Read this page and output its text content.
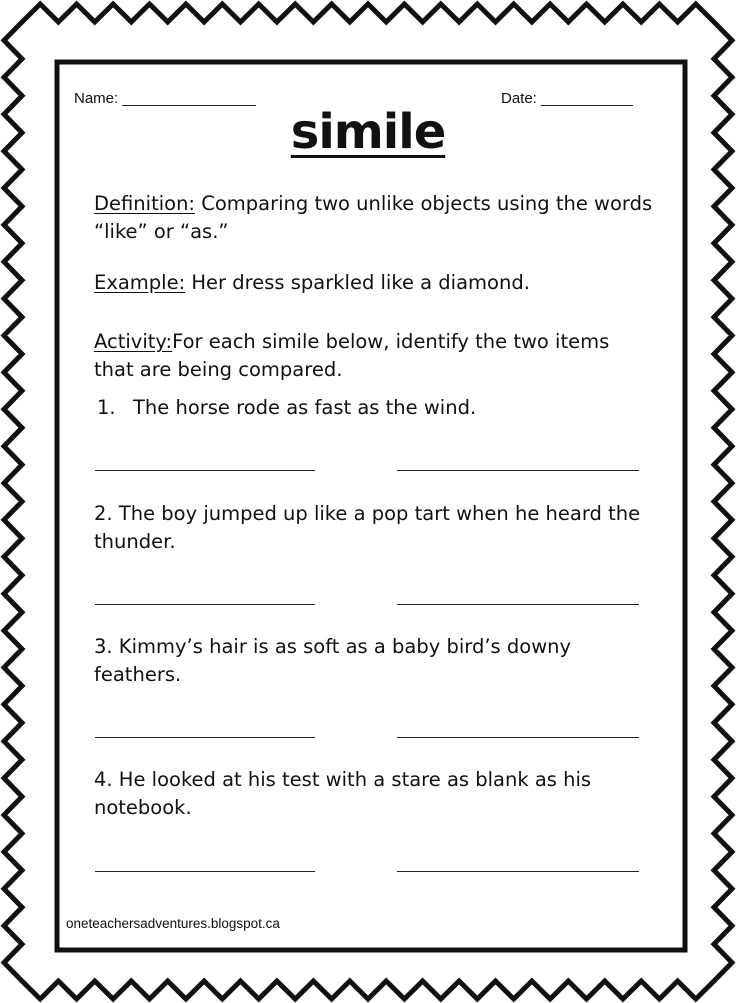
Name: ________________	Date: ___________
simile
Definition: Comparing two unlike objects using the words “like” or “as.”
Example: Her dress sparkled like a diamond.
Activity:For each simile below, identify the two items that are being compared.
1. The horse rode as fast as the wind.
2. The boy jumped up like a pop tart when he heard the thunder.
3. Kimmy’s hair is as soft as a baby bird’s downy feathers.
4. He looked at his test with a stare as blank as his notebook.
oneteachersadventures.blogspot.ca
